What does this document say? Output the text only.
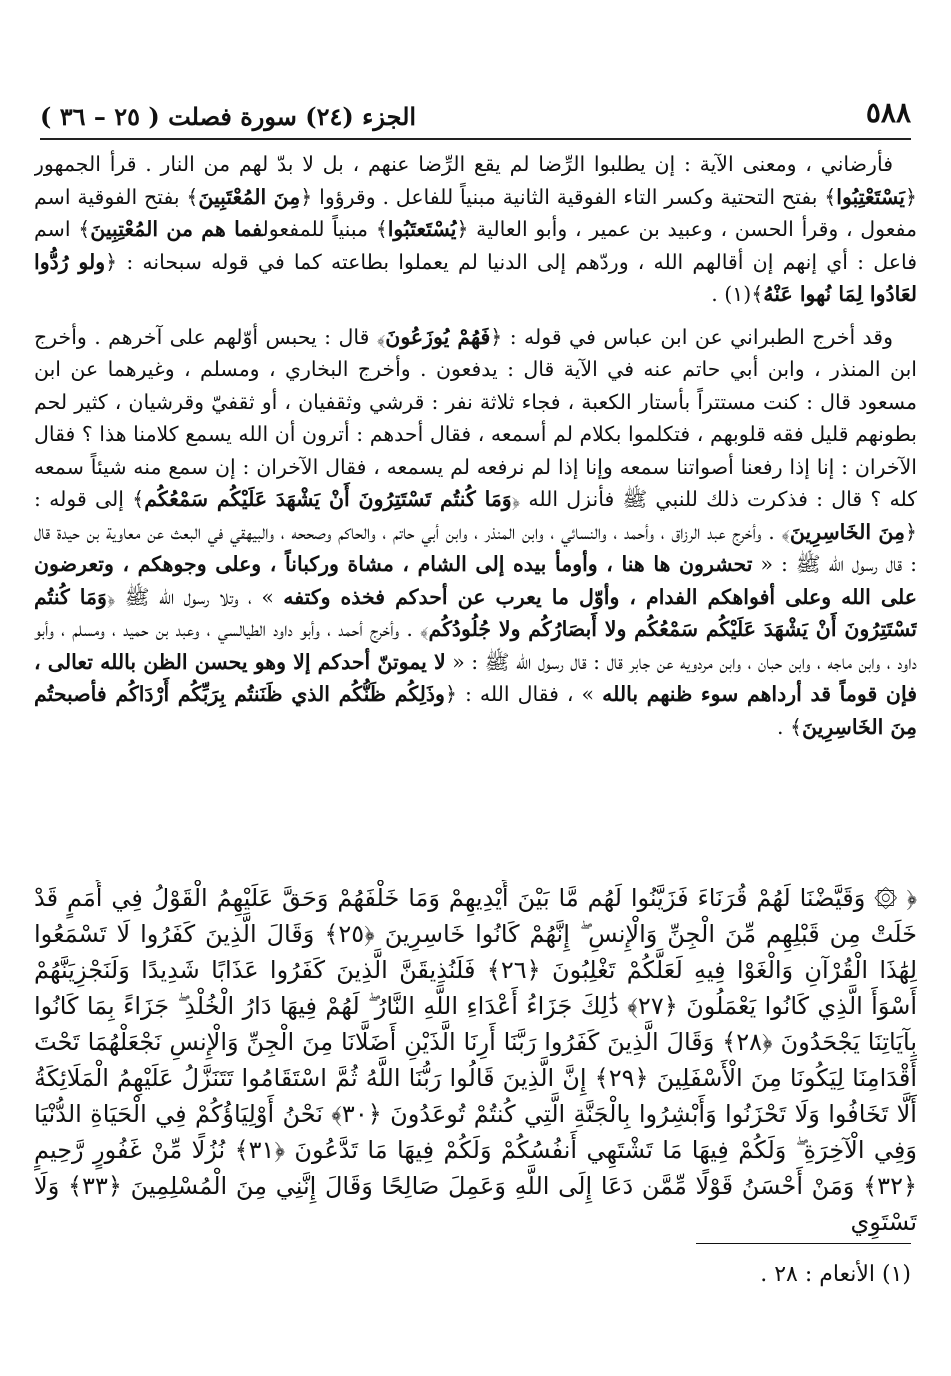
٥٨٨
الجزء (٢٤) سورة فصلت ( ٢٥ – ٣٦ )

فأرضاني ، ومعنى الآية : إن يطلبوا الرِّضا لم يقع الرِّضا عنهم ، بل لا بدّ لهم من النار . قرأ الجمهور ﴿يَسْتَعْتِبُوا﴾ بفتح التحتية وكسر التاء الفوقية الثانية مبنياً للفاعل . وقرؤوا ﴿مِنَ المُعْتَبِينَ﴾ بفتح الفوقية اسم مفعول ، وقرأ الحسن ، وعبيد بن عمير ، وأبو العالية ﴿يُسْتَعتَبُوا﴾ مبنياً للمفعولفما هم من المُعْتِبِينَ﴾ اسم فاعل : أي إنهم إن أقالهم الله ، وردّهم إلى الدنيا لم يعملوا بطاعته كما في قوله سبحانه : ﴿ولو رُدُّوا لعَادُوا لِمَا نُهوا عَنْهُ﴾(١) .

وقد أخرج الطبراني عن ابن عباس في قوله : ﴿فَهُمْ يُوزَعُونَ﴾ قال : يحبس أوّلهم على آخرهم . وأخرج ابن المنذر ، وابن أبي حاتم عنه في الآية قال : يدفعون . وأخرج البخاري ، ومسلم ، وغيرهما عن ابن مسعود قال : كنت مستتراً بأستار الكعبة ، فجاء ثلاثة نفر : قرشي وثقفيان ، أو ثقفيّ وقرشيان ، كثير لحم بطونهم قليل فقه قلوبهم ، فتكلموا بكلام لم أسمعه ، فقال أحدهم : أترون أن الله يسمع كلامنا هذا ؟ فقال الآخران : إنا إذا رفعنا أصواتنا سمعه وإنا إذا لم نرفعه لم يسمعه ، فقال الآخران : إن سمع منه شيئاً سمعه كله ؟ قال : فذكرت ذلك للنبي ﷺ فأنزل الله ﴿وَمَا كُنتُم تَسْتَتِرُونَ أَنْ يَشْهَدَ عَلَيْكُم سَمْعُكُم﴾ إلى قوله : ﴿مِنَ الخَاسِرِينَ﴾ . وأخرج عبد الرزاق ، وأحمد ، والنسائي ، وابن المنذر ، وابن أبي حاتم ، والحاكم وصححه ، والبيهقي في البعث عن معاوية بن حيدة قال : قال رسول الله ﷺ : « تحشرون ها هنا ، وأومأ بيده إلى الشام ، مشاة وركباناً ، وعلى وجوهكم ، وتعرضون على الله وعلى أفواهكم الفدام ، وأوّل ما يعرب عن أحدكم فخذه وكتفه » ، وتلا رسول الله ﷺ ﴿وَمَا كُنتُم تَسْتَتِرُونَ أَنْ يَشْهَدَ عَلَيْكُم سَمْعُكُم ولا أَبصَارُكُم ولا جُلُودُكُم﴾ . وأخرج أحمد ، وأبو داود الطيالسي ، وعبد بن حميد ، ومسلم ، وأبو داود ، وابن ماجه ، وابن حبان ، وابن مردويه عن جابر قال : قال رسول الله ﷺ : « لا يموتنّ أحدكم إلا وهو يحسن الظن بالله تعالى ، فإن قوماً قد أرداهم سوء ظنهم بالله » ، فقال الله : ﴿وذَلِكُم ظَنُّكُم الذي ظَنَنتُم بِرَبِّكُم أَرْدَاكُم فأصبحتُم مِنَ الخَاسِرِينَ﴾ .

﴿ ۞ وَقَيَّضْنَا لَهُمْ قُرَنَاءَ فَزَيَّنُوا لَهُم مَّا بَيْنَ أَيْدِيهِمْ وَمَا خَلْفَهُمْ وَحَقَّ عَلَيْهِمُ الْقَوْلُ فِي أُمَمٍ قَدْ خَلَتْ مِن قَبْلِهِم مِّنَ الْجِنِّ وَالْإِنسِ ۖ إِنَّهُمْ كَانُوا خَاسِرِينَ ﴿٢٥﴾ وَقَالَ الَّذِينَ كَفَرُوا لَا تَسْمَعُوا لِهَٰذَا الْقُرْآنِ وَالْغَوْا فِيهِ لَعَلَّكُمْ تَغْلِبُونَ ﴿٢٦﴾ فَلَنُذِيقَنَّ الَّذِينَ كَفَرُوا عَذَابًا شَدِيدًا وَلَنَجْزِيَنَّهُمْ أَسْوَأَ الَّذِي كَانُوا يَعْمَلُونَ ﴿٢٧﴾ ذَٰلِكَ جَزَاءُ أَعْدَاءِ اللَّهِ النَّارُ ۖ لَهُمْ فِيهَا دَارُ الْخُلْدِ ۖ جَزَاءً بِمَا كَانُوا بِآيَاتِنَا يَجْحَدُونَ ﴿٢٨﴾ وَقَالَ الَّذِينَ كَفَرُوا رَبَّنَا أَرِنَا الَّذَيْنِ أَضَلَّانَا مِنَ الْجِنِّ وَالْإِنسِ نَجْعَلْهُمَا تَحْتَ أَقْدَامِنَا لِيَكُونَا مِنَ الْأَسْفَلِينَ ﴿٢٩﴾ إِنَّ الَّذِينَ قَالُوا رَبُّنَا اللَّهُ ثُمَّ اسْتَقَامُوا تَتَنَزَّلُ عَلَيْهِمُ الْمَلَائِكَةُ أَلَّا تَخَافُوا وَلَا تَحْزَنُوا وَأَبْشِرُوا بِالْجَنَّةِ الَّتِي كُنتُمْ تُوعَدُونَ ﴿٣٠﴾ نَحْنُ أَوْلِيَاؤُكُمْ فِي الْحَيَاةِ الدُّنْيَا وَفِي الْآخِرَةِ ۖ وَلَكُمْ فِيهَا مَا تَشْتَهِي أَنفُسُكُمْ وَلَكُمْ فِيهَا مَا تَدَّعُونَ ﴿٣١﴾ نُزُلًا مِّنْ غَفُورٍ رَّحِيمٍ ﴿٣٢﴾ وَمَنْ أَحْسَنُ قَوْلًا مِّمَّن دَعَا إِلَى اللَّهِ وَعَمِلَ صَالِحًا وَقَالَ إِنَّنِي مِنَ الْمُسْلِمِينَ ﴿٣٣﴾ وَلَا تَسْتَوِي
(١) الأنعام : ٢٨ .
